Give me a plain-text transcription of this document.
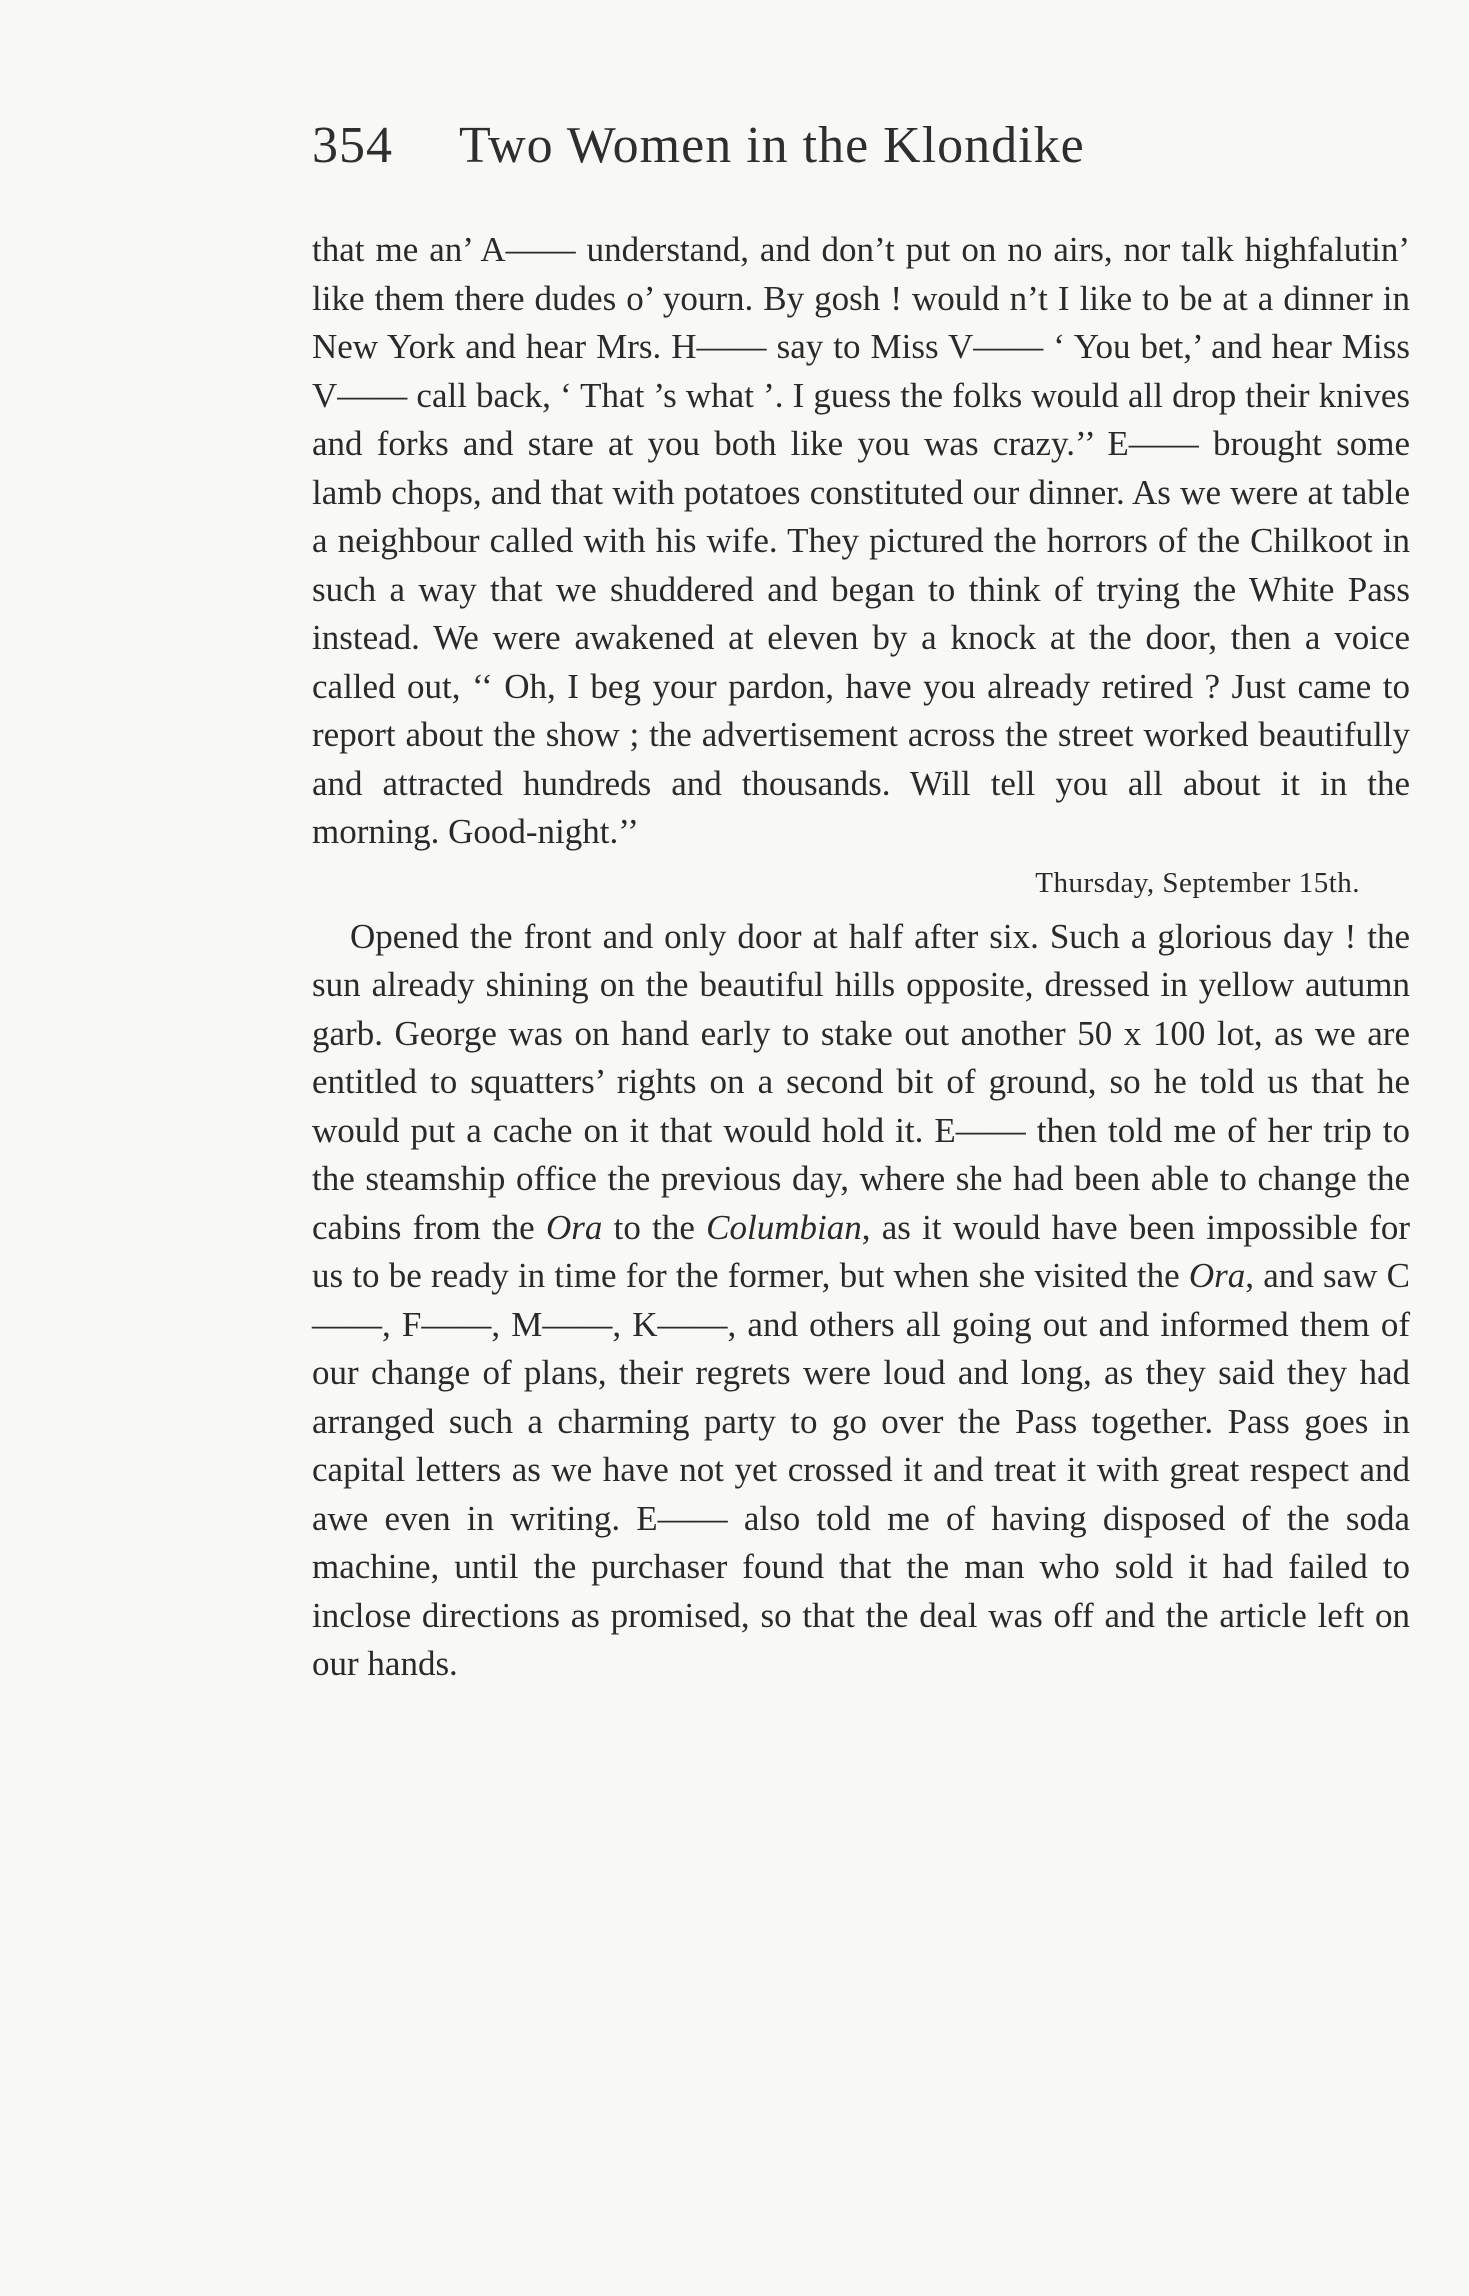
354 Two Women in the Klondike

that me an’ A—— understand, and don’t put on no airs, nor talk highfalutin’ like them there dudes o’ yourn. By gosh ! would n’t I like to be at a dinner in New York and hear Mrs. H—— say to Miss V—— ‘ You bet,’ and hear Miss V—— call back, ‘ That ’s what ’. I guess the folks would all drop their knives and forks and stare at you both like you was crazy.’’ E—— brought some lamb chops, and that with potatoes constituted our dinner. As we were at table a neighbour called with his wife. They pictured the horrors of the Chilkoot in such a way that we shuddered and began to think of trying the White Pass instead. We were awakened at eleven by a knock at the door, then a voice called out, ‘‘ Oh, I beg your pardon, have you already retired ? Just came to report about the show ; the advertisement across the street worked beautifully and attracted hundreds and thousands. Will tell you all about it in the morning. Good-night.’’

Thursday, September 15th.

Opened the front and only door at half after six. Such a glorious day ! the sun already shining on the beautiful hills opposite, dressed in yellow autumn garb. George was on hand early to stake out another 50 x 100 lot, as we are entitled to squatters’ rights on a second bit of ground, so he told us that he would put a cache on it that would hold it. E—— then told me of her trip to the steamship office the previous day, where she had been able to change the cabins from the Ora to the Columbian, as it would have been impossible for us to be ready in time for the former, but when she visited the Ora, and saw C——, F——, M——, K——, and others all going out and informed them of our change of plans, their regrets were loud and long, as they said they had arranged such a charming party to go over the Pass together. Pass goes in capital letters as we have not yet crossed it and treat it with great respect and awe even in writing. E—— also told me of having disposed of the soda machine, until the purchaser found that the man who sold it had failed to inclose directions as promised, so that the deal was off and the article left on our hands.
